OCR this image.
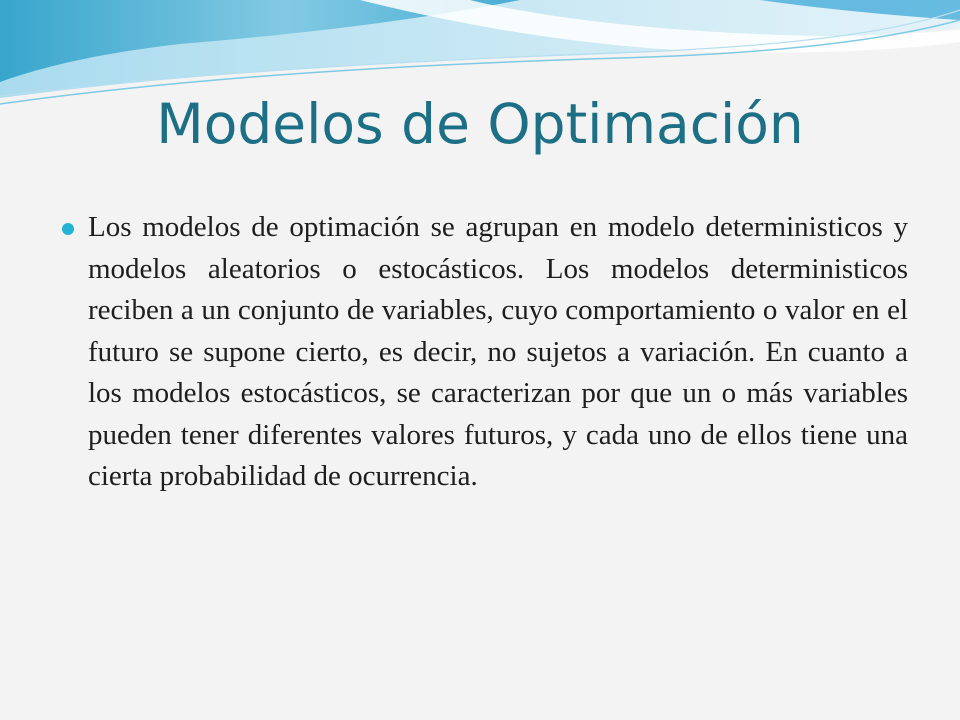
Modelos de Optimación

Los modelos de optimación se agrupan en modelo deterministicos y modelos aleatorios o estocásticos. Los modelos deterministicos reciben a un conjunto de variables, cuyo comportamiento o valor en el futuro se supone cierto, es decir, no sujetos a variación. En cuanto a los modelos estocásticos, se caracterizan por que un o más variables pueden tener diferentes valores futuros, y cada uno de ellos tiene una cierta probabilidad de ocurrencia.
